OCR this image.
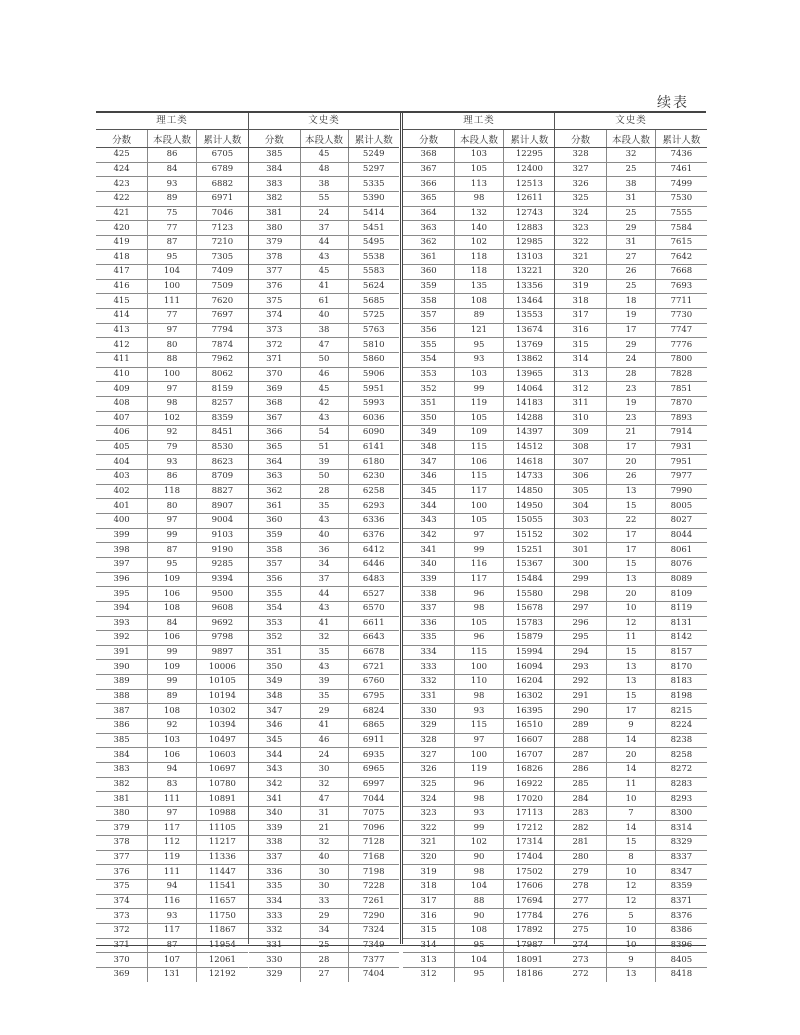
续表
理工类
分数	本段人数	累计人数
425	86	6705
424	84	6789
423	93	6882
422	89	6971
421	75	7046
420	77	7123
419	87	7210
418	95	7305
417	104	7409
416	100	7509
415	111	7620
414	77	7697
413	97	7794
412	80	7874
411	88	7962
410	100	8062
409	97	8159
408	98	8257
407	102	8359
406	92	8451
405	79	8530
404	93	8623
403	86	8709
402	118	8827
401	80	8907
400	97	9004
399	99	9103
398	87	9190
397	95	9285
396	109	9394
395	106	9500
394	108	9608
393	84	9692
392	106	9798
391	99	9897
390	109	10006
389	99	10105
388	89	10194
387	108	10302
386	92	10394
385	103	10497
384	106	10603
383	94	10697
382	83	10780
381	111	10891
380	97	10988
379	117	11105
378	112	11217
377	119	11336
376	111	11447
375	94	11541
374	116	11657
373	93	11750
372	117	11867
371	87	11954
370	107	12061
369	131	12192
文史类
分数	本段人数	累计人数
385	45	5249
384	48	5297
383	38	5335
382	55	5390
381	24	5414
380	37	5451
379	44	5495
378	43	5538
377	45	5583
376	41	5624
375	61	5685
374	40	5725
373	38	5763
372	47	5810
371	50	5860
370	46	5906
369	45	5951
368	42	5993
367	43	6036
366	54	6090
365	51	6141
364	39	6180
363	50	6230
362	28	6258
361	35	6293
360	43	6336
359	40	6376
358	36	6412
357	34	6446
356	37	6483
355	44	6527
354	43	6570
353	41	6611
352	32	6643
351	35	6678
350	43	6721
349	39	6760
348	35	6795
347	29	6824
346	41	6865
345	46	6911
344	24	6935
343	30	6965
342	32	6997
341	47	7044
340	31	7075
339	21	7096
338	32	7128
337	40	7168
336	30	7198
335	30	7228
334	33	7261
333	29	7290
332	34	7324
331	25	7349
330	28	7377
329	27	7404
理工类
分数	本段人数	累计人数
368	103	12295
367	105	12400
366	113	12513
365	98	12611
364	132	12743
363	140	12883
362	102	12985
361	118	13103
360	118	13221
359	135	13356
358	108	13464
357	89	13553
356	121	13674
355	95	13769
354	93	13862
353	103	13965
352	99	14064
351	119	14183
350	105	14288
349	109	14397
348	115	14512
347	106	14618
346	115	14733
345	117	14850
344	100	14950
343	105	15055
342	97	15152
341	99	15251
340	116	15367
339	117	15484
338	96	15580
337	98	15678
336	105	15783
335	96	15879
334	115	15994
333	100	16094
332	110	16204
331	98	16302
330	93	16395
329	115	16510
328	97	16607
327	100	16707
326	119	16826
325	96	16922
324	98	17020
323	93	17113
322	99	17212
321	102	17314
320	90	17404
319	98	17502
318	104	17606
317	88	17694
316	90	17784
315	108	17892
314	95	17987
313	104	18091
312	95	18186
文史类
分数	本段人数	累计人数
328	32	7436
327	25	7461
326	38	7499
325	31	7530
324	25	7555
323	29	7584
322	31	7615
321	27	7642
320	26	7668
319	25	7693
318	18	7711
317	19	7730
316	17	7747
315	29	7776
314	24	7800
313	28	7828
312	23	7851
311	19	7870
310	23	7893
309	21	7914
308	17	7931
307	20	7951
306	26	7977
305	13	7990
304	15	8005
303	22	8027
302	17	8044
301	17	8061
300	15	8076
299	13	8089
298	20	8109
297	10	8119
296	12	8131
295	11	8142
294	15	8157
293	13	8170
292	13	8183
291	15	8198
290	17	8215
289	9	8224
288	14	8238
287	20	8258
286	14	8272
285	11	8283
284	10	8293
283	7	8300
282	14	8314
281	15	8329
280	8	8337
279	10	8347
278	12	8359
277	12	8371
276	5	8376
275	10	8386
274	10	8396
273	9	8405
272	13	8418
